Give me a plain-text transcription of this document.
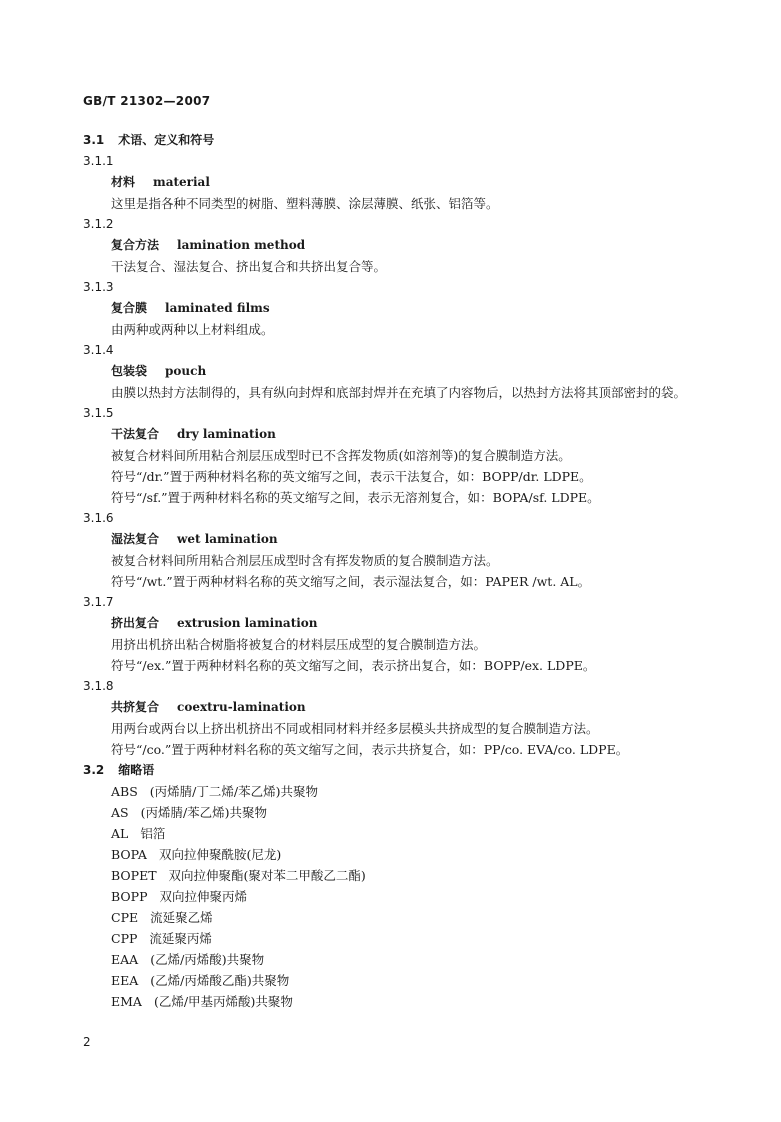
GB/T 21302—2007
3.1 术语、定义和符号
3.1.1
材料 material
这里是指各种不同类型的树脂、塑料薄膜、涂层薄膜、纸张、铝箔等。
3.1.2
复合方法 lamination method
干法复合、湿法复合、挤出复合和共挤出复合等。
3.1.3
复合膜 laminated films
由两种或两种以上材料组成。
3.1.4
包装袋 pouch
由膜以热封方法制得的，具有纵向封焊和底部封焊并在充填了内容物后，以热封方法将其顶部密封的袋。
3.1.5
干法复合 dry lamination
被复合材料间所用粘合剂层压成型时已不含挥发物质(如溶剂等)的复合膜制造方法。
符号“/dr.”置于两种材料名称的英文缩写之间，表示干法复合，如：BOPP/dr. LDPE。
符号“/sf.”置于两种材料名称的英文缩写之间，表示无溶剂复合，如：BOPA/sf. LDPE。
3.1.6
湿法复合 wet lamination
被复合材料间所用粘合剂层压成型时含有挥发物质的复合膜制造方法。
符号“/wt.”置于两种材料名称的英文缩写之间，表示湿法复合，如：PAPER /wt. AL。
3.1.7
挤出复合 extrusion lamination
用挤出机挤出粘合树脂将被复合的材料层压成型的复合膜制造方法。
符号“/ex.”置于两种材料名称的英文缩写之间，表示挤出复合，如：BOPP/ex. LDPE。
3.1.8
共挤复合 coextru-lamination
用两台或两台以上挤出机挤出不同或相同材料并经多层模头共挤成型的复合膜制造方法。
符号“/co.”置于两种材料名称的英文缩写之间，表示共挤复合，如：PP/co. EVA/co. LDPE。
3.2 缩略语
ABS (丙烯腈/丁二烯/苯乙烯)共聚物
AS (丙烯腈/苯乙烯)共聚物
AL 铝箔
BOPA 双向拉伸聚酰胺(尼龙)
BOPET 双向拉伸聚酯(聚对苯二甲酸乙二酯)
BOPP 双向拉伸聚丙烯
CPE 流延聚乙烯
CPP 流延聚丙烯
EAA (乙烯/丙烯酸)共聚物
EEA (乙烯/丙烯酸乙酯)共聚物
EMA (乙烯/甲基丙烯酸)共聚物
2
